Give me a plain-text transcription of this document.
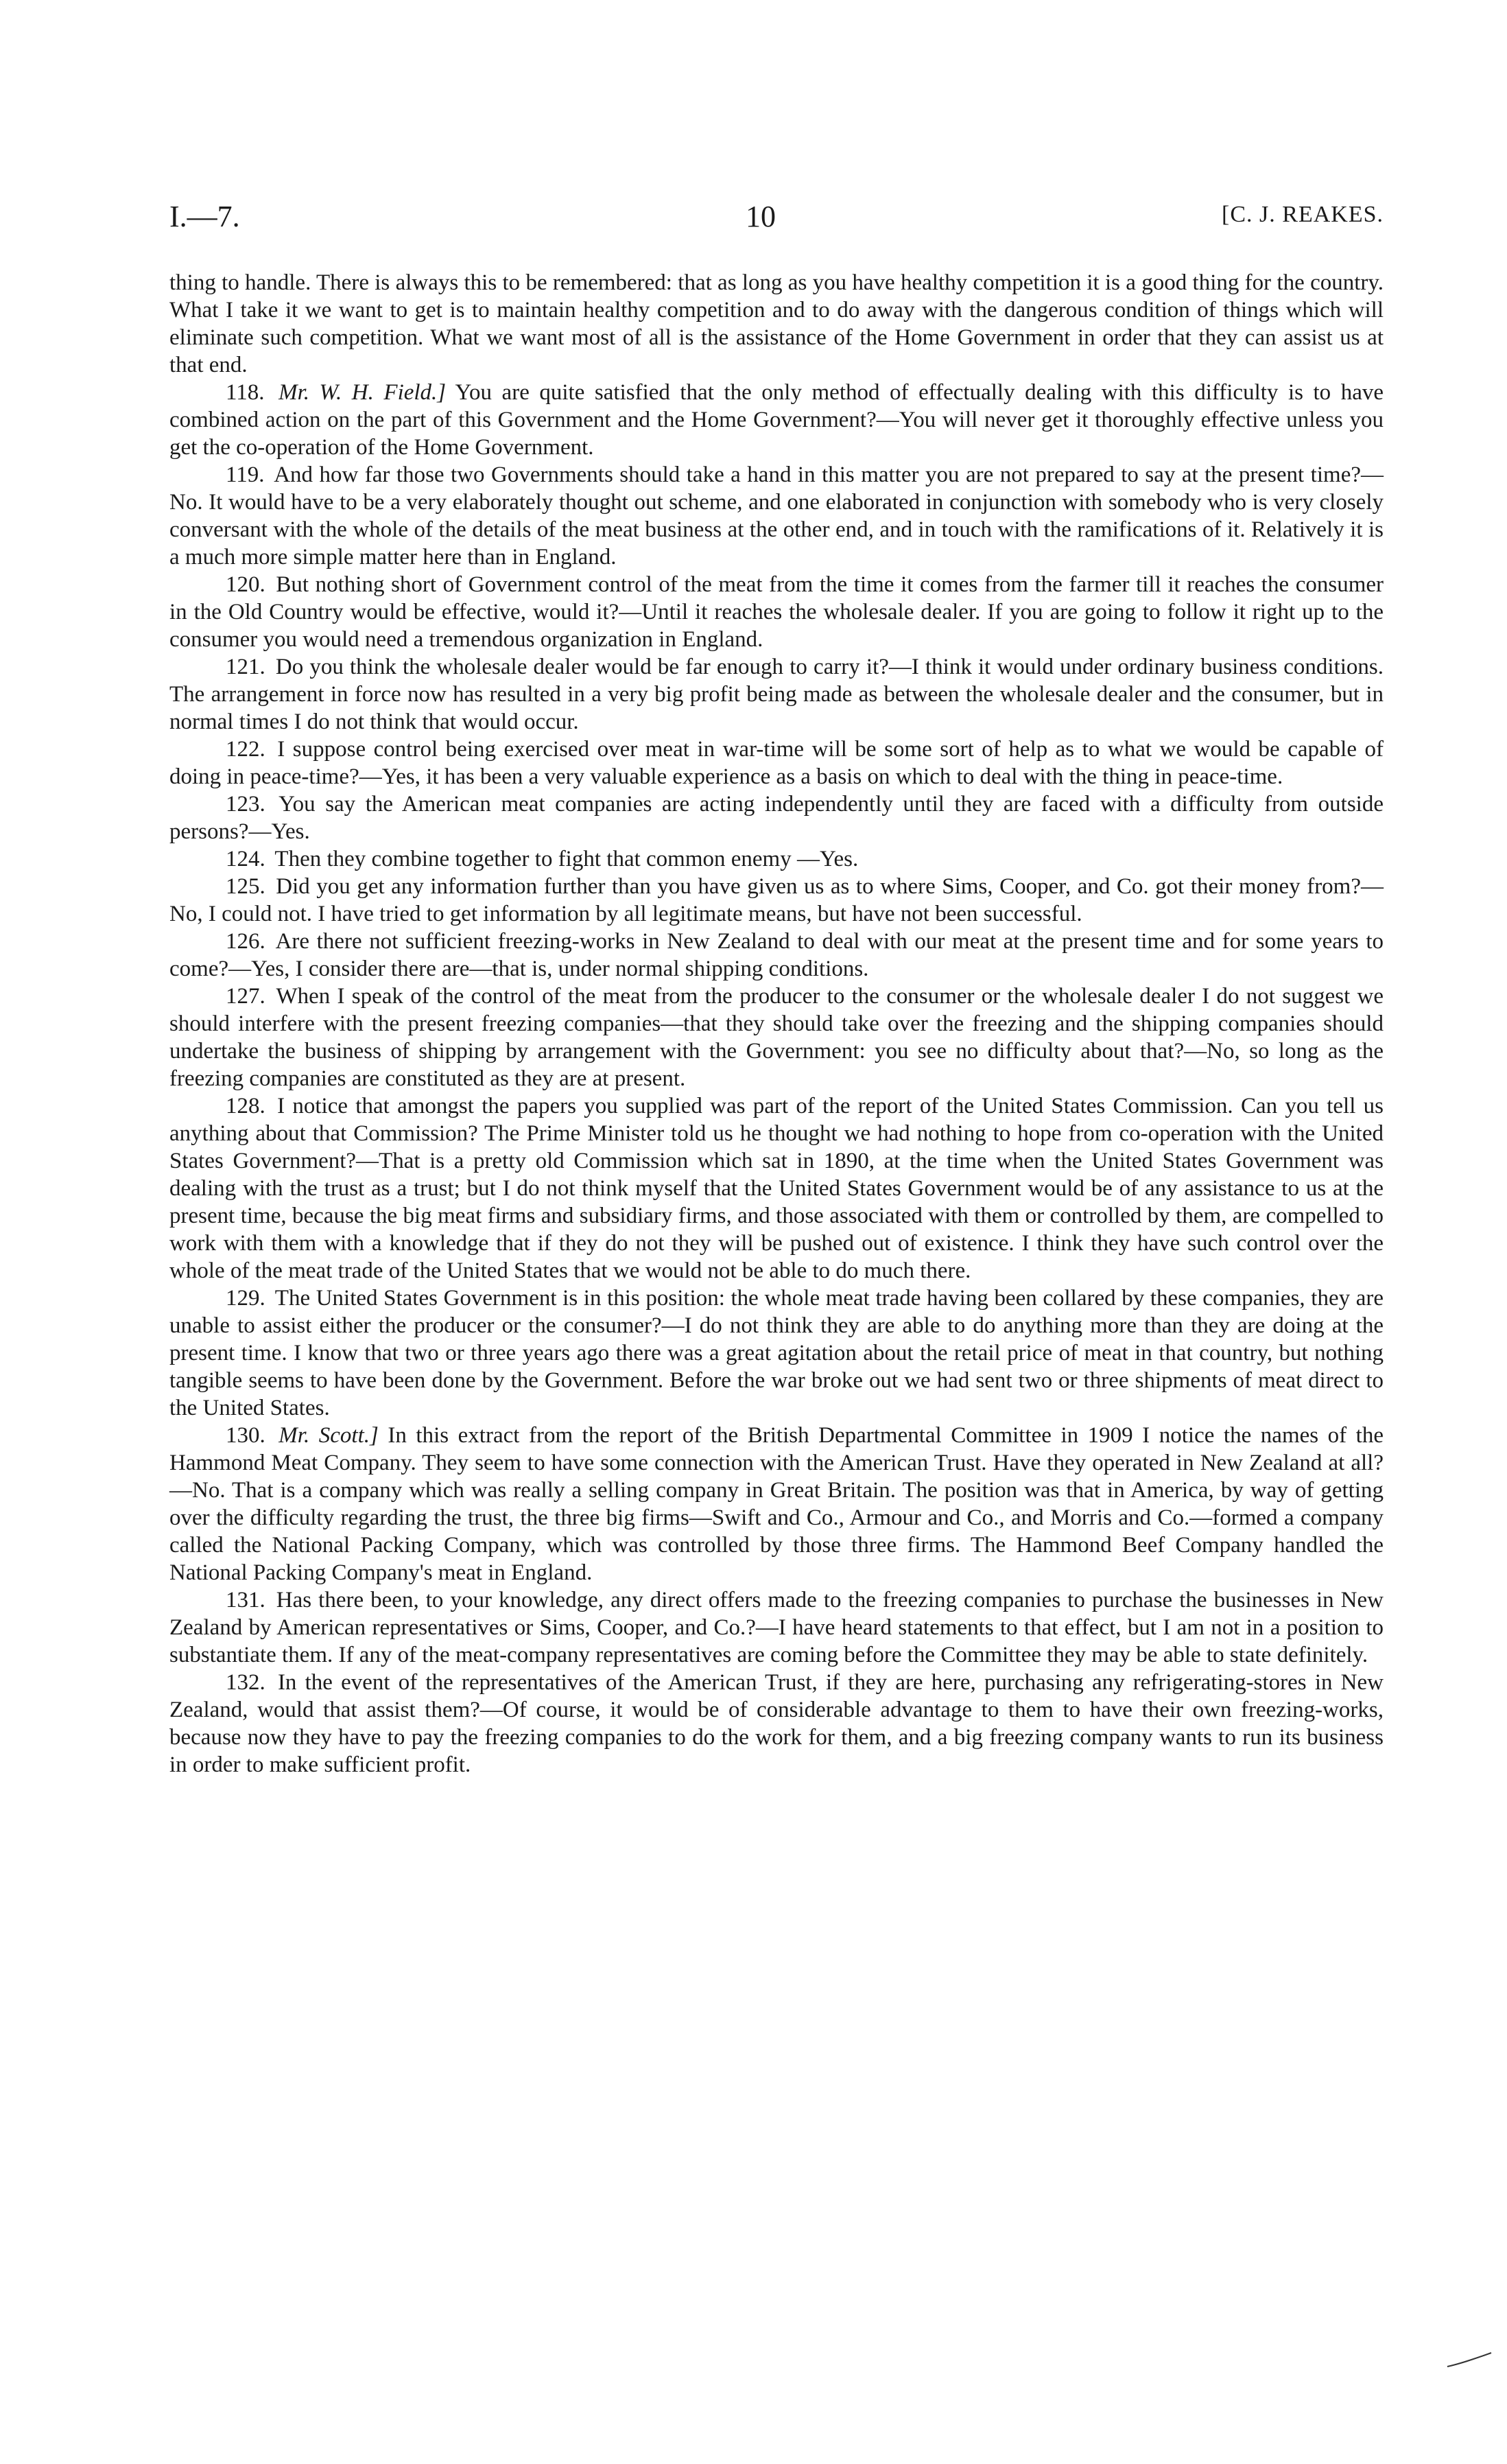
I.—7.	10	[C. J. REAKES.

thing to handle. There is always this to be remembered: that as long as you have healthy competition it is a good thing for the country. What I take it we want to get is to maintain healthy competition and to do away with the dangerous condition of things which will eliminate such competition. What we want most of all is the assistance of the Home Government in order that they can assist us at that end.

118. Mr. W. H. Field.] You are quite satisfied that the only method of effectually dealing with this difficulty is to have combined action on the part of this Government and the Home Government?—You will never get it thoroughly effective unless you get the co-operation of the Home Government.

119. And how far those two Governments should take a hand in this matter you are not prepared to say at the present time?—No. It would have to be a very elaborately thought out scheme, and one elaborated in conjunction with somebody who is very closely conversant with the whole of the details of the meat business at the other end, and in touch with the ramifications of it. Relatively it is a much more simple matter here than in England.

120. But nothing short of Government control of the meat from the time it comes from the farmer till it reaches the consumer in the Old Country would be effective, would it?—Until it reaches the wholesale dealer. If you are going to follow it right up to the consumer you would need a tremendous organization in England.

121. Do you think the wholesale dealer would be far enough to carry it?—I think it would under ordinary business conditions. The arrangement in force now has resulted in a very big profit being made as between the wholesale dealer and the consumer, but in normal times I do not think that would occur.

122. I suppose control being exercised over meat in war-time will be some sort of help as to what we would be capable of doing in peace-time?—Yes, it has been a very valuable experience as a basis on which to deal with the thing in peace-time.

123. You say the American meat companies are acting independently until they are faced with a difficulty from outside persons?—Yes.

124. Then they combine together to fight that common enemy —Yes.

125. Did you get any information further than you have given us as to where Sims, Cooper, and Co. got their money from?—No, I could not. I have tried to get information by all legitimate means, but have not been successful.

126. Are there not sufficient freezing-works in New Zealand to deal with our meat at the present time and for some years to come?—Yes, I consider there are—that is, under normal shipping conditions.

127. When I speak of the control of the meat from the producer to the consumer or the wholesale dealer I do not suggest we should interfere with the present freezing companies—that they should take over the freezing and the shipping companies should undertake the business of shipping by arrangement with the Government: you see no difficulty about that?—No, so long as the freezing companies are constituted as they are at present.

128. I notice that amongst the papers you supplied was part of the report of the United States Commission. Can you tell us anything about that Commission? The Prime Minister told us he thought we had nothing to hope from co-operation with the United States Government?—That is a pretty old Commission which sat in 1890, at the time when the United States Government was dealing with the trust as a trust; but I do not think myself that the United States Government would be of any assistance to us at the present time, because the big meat firms and subsidiary firms, and those associated with them or controlled by them, are compelled to work with them with a knowledge that if they do not they will be pushed out of existence. I think they have such control over the whole of the meat trade of the United States that we would not be able to do much there.

129. The United States Government is in this position: the whole meat trade having been collared by these companies, they are unable to assist either the producer or the consumer?—I do not think they are able to do anything more than they are doing at the present time. I know that two or three years ago there was a great agitation about the retail price of meat in that country, but nothing tangible seems to have been done by the Government. Before the war broke out we had sent two or three shipments of meat direct to the United States.

130. Mr. Scott.] In this extract from the report of the British Departmental Committee in 1909 I notice the names of the Hammond Meat Company. They seem to have some connection with the American Trust. Have they operated in New Zealand at all?—No. That is a company which was really a selling company in Great Britain. The position was that in America, by way of getting over the difficulty regarding the trust, the three big firms—Swift and Co., Armour and Co., and Morris and Co.—formed a company called the National Packing Company, which was controlled by those three firms. The Hammond Beef Company handled the National Packing Company's meat in England.

131. Has there been, to your knowledge, any direct offers made to the freezing companies to purchase the businesses in New Zealand by American representatives or Sims, Cooper, and Co.?—I have heard statements to that effect, but I am not in a position to substantiate them. If any of the meat-company representatives are coming before the Committee they may be able to state definitely.

132. In the event of the representatives of the American Trust, if they are here, purchasing any refrigerating-stores in New Zealand, would that assist them?—Of course, it would be of considerable advantage to them to have their own freezing-works, because now they have to pay the freezing companies to do the work for them, and a big freezing company wants to run its business in order to make sufficient profit.
